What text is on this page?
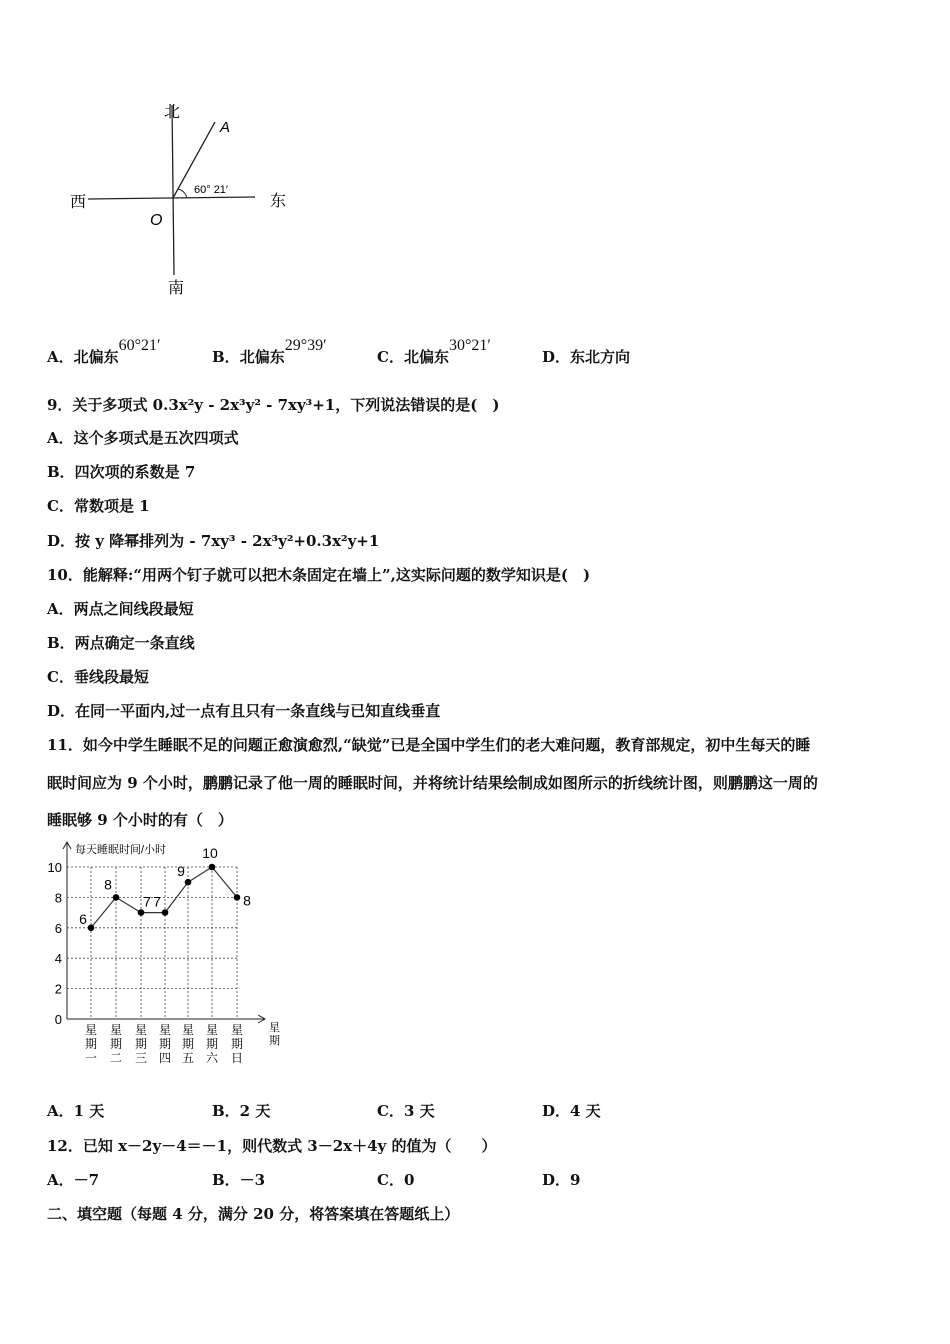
北
南
西	东
O
A
60° 21′
A．北偏东60°21′
B．北偏东29°39′
C．北偏东30°21′
D．东北方向
9．关于多项式 0.3x²y - 2x³y² - 7xy³+1，下列说法错误的是(　)
A．这个多项式是五次四项式
B．四次项的系数是 7
C．常数项是 1
D．按 y 降幂排列为 - 7xy³ - 2x³y²+0.3x²y+1
10．能解释:“用两个钉子就可以把木条固定在墙上”,这实际问题的数学知识是(　)
A．两点之间线段最短
B．两点确定一条直线
C．垂线段最短
D．在同一平面内,过一点有且只有一条直线与已知直线垂直
11．如今中学生睡眠不足的问题正愈演愈烈,“缺觉”已是全国中学生们的老大难问题，教育部规定，初中生每天的睡
眠时间应为 9 个小时，鹏鹏记录了他一周的睡眠时间，并将统计结果绘制成如图所示的折线统计图，则鹏鹏这一周的
睡眠够 9 个小时的有（　）
0
2
4
6
8
10
每天睡眠时间/小时
星
期
星
期
一
星
期
二
星
期
三
星
期
四
星
期
五
星
期
六
星
期
日
6
8
7 7
9
10
8
A．1 天	B．2 天	C．3 天	D．4 天
12．已知 x－2y－4＝－1，则代数式 3－2x＋4y 的值为（　　）
A．－7	B．－3	C．0	D．9
二、填空题（每题 4 分，满分 20 分，将答案填在答题纸上）
